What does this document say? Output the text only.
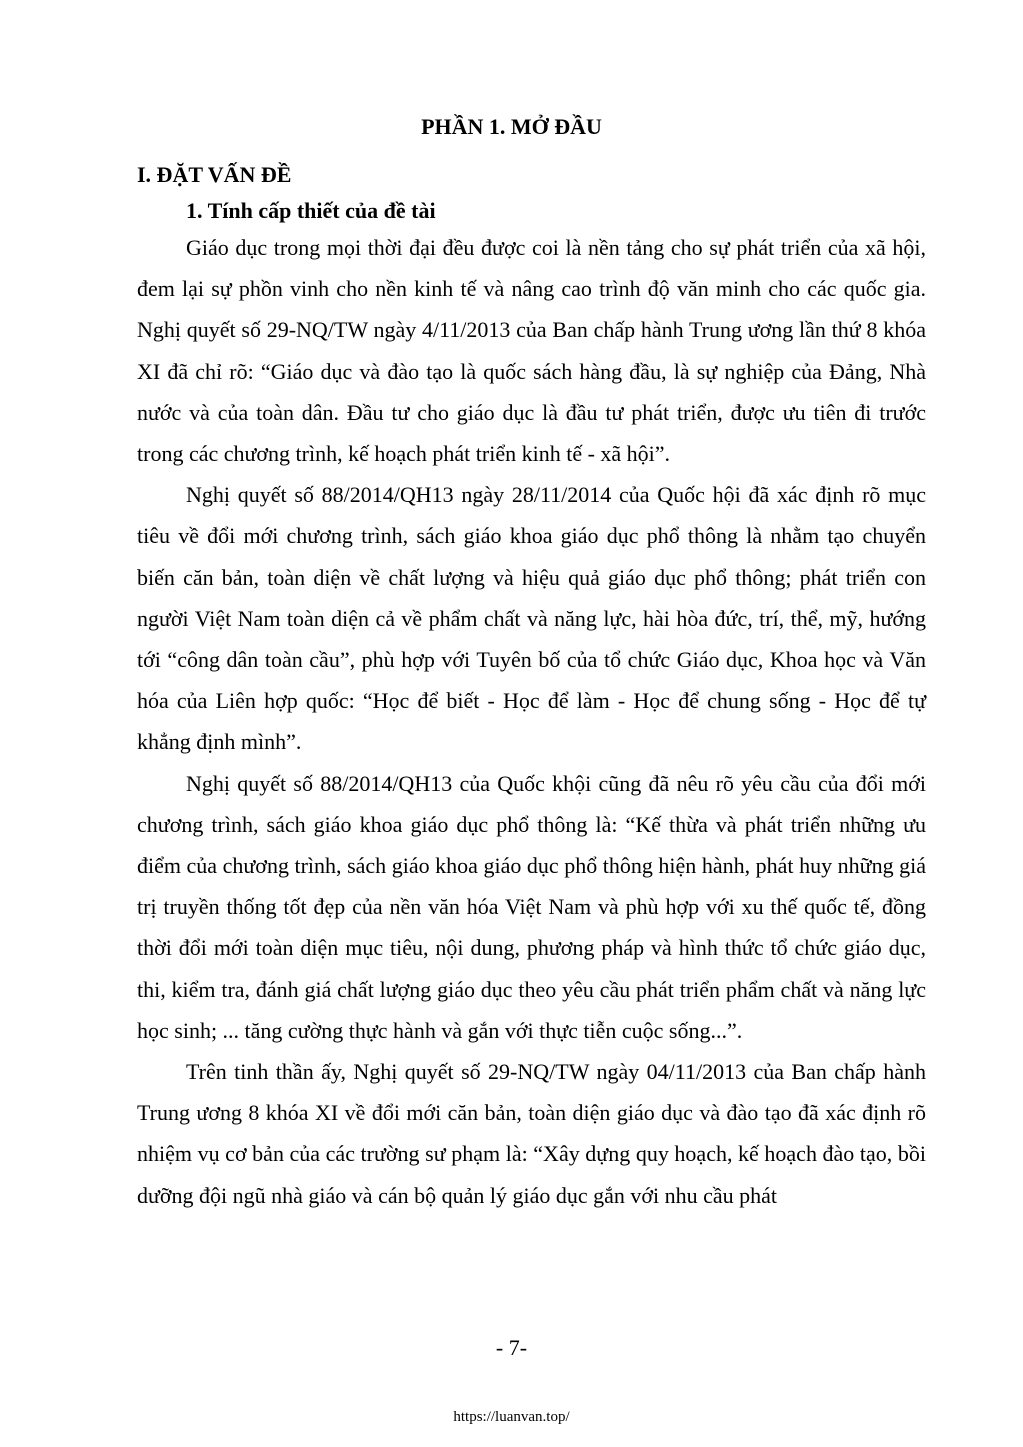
PHẦN 1. MỞ ĐẦU
I. ĐẶT VẤN ĐỀ
1. Tính cấp thiết của đề tài

Giáo dục trong mọi thời đại đều được coi là nền tảng cho sự phát triển của xã hội, đem lại sự phồn vinh cho nền kinh tế và nâng cao trình độ văn minh cho các quốc gia. Nghị quyết số 29-NQ/TW ngày 4/11/2013 của Ban chấp hành Trung ương lần thứ 8 khóa XI đã chỉ rõ: “Giáo dục và đào tạo là quốc sách hàng đầu, là sự nghiệp của Đảng, Nhà nước và của toàn dân. Đầu tư cho giáo dục là đầu tư phát triển, được ưu tiên đi trước trong các chương trình, kế hoạch phát triển kinh tế - xã hội”.

Nghị quyết số 88/2014/QH13 ngày 28/11/2014 của Quốc hội đã xác định rõ mục tiêu về đổi mới chương trình, sách giáo khoa giáo dục phổ thông là nhằm tạo chuyển biến căn bản, toàn diện về chất lượng và hiệu quả giáo dục phổ thông; phát triển con người Việt Nam toàn diện cả về phẩm chất và năng lực, hài hòa đức, trí, thể, mỹ, hướng tới “công dân toàn cầu”, phù hợp với Tuyên bố của tổ chức Giáo dục, Khoa học và Văn hóa của Liên hợp quốc: “Học để biết - Học để làm - Học để chung sống - Học để tự khẳng định mình”.

Nghị quyết số 88/2014/QH13 của Quốc khội cũng đã nêu rõ yêu cầu của đổi mới chương trình, sách giáo khoa giáo dục phổ thông là: “Kế thừa và phát triển những ưu điểm của chương trình, sách giáo khoa giáo dục phổ thông hiện hành, phát huy những giá trị truyền thống tốt đẹp của nền văn hóa Việt Nam và phù hợp với xu thế quốc tế, đồng thời đổi mới toàn diện mục tiêu, nội dung, phương pháp và hình thức tổ chức giáo dục, thi, kiểm tra, đánh giá chất lượng giáo dục theo yêu cầu phát triển phẩm chất và năng lực học sinh; ... tăng cường thực hành và gắn với thực tiễn cuộc sống...”.

Trên tinh thần ấy, Nghị quyết số 29-NQ/TW ngày 04/11/2013 của Ban chấp hành Trung ương 8 khóa XI về đổi mới căn bản, toàn diện giáo dục và đào tạo đã xác định rõ nhiệm vụ cơ bản của các trường sư phạm là: “Xây dựng quy hoạch, kế hoạch đào tạo, bồi dưỡng đội ngũ nhà giáo và cán bộ quản lý giáo dục gắn với nhu cầu phát

- 7-
https://luanvan.top/
